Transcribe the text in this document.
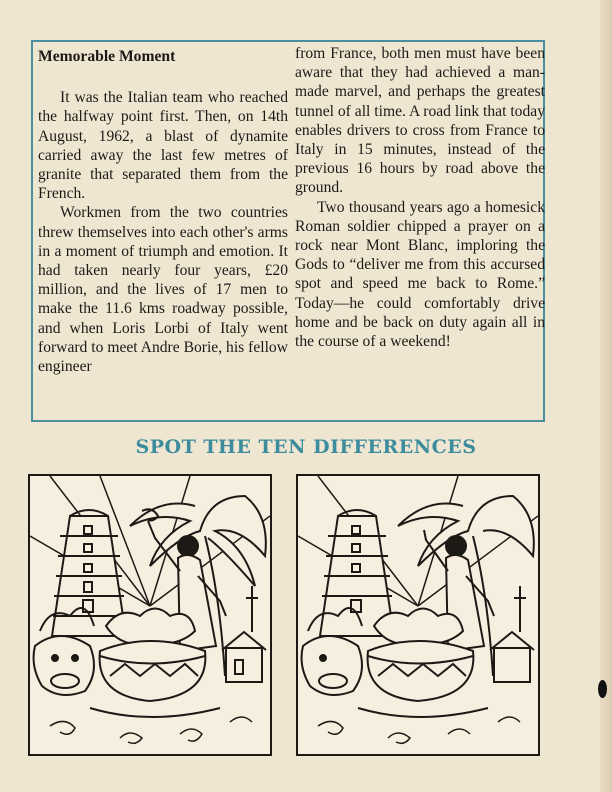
Memorable Moment

It was the Italian team who reached the halfway point first. Then, on 14th August, 1962, a blast of dynamite carried away the last few metres of granite that separated them from the French.

Workmen from the two countries threw themselves into each other's arms in a moment of triumph and emotion. It had taken nearly four years, £20 million, and the lives of 17 men to make the 11.6 kms roadway possible, and when Loris Lorbi of Italy went forward to meet Andre Borie, his fellow engineer

from France, both men must have been aware that they had achieved a man-made marvel, and perhaps the greatest tunnel of all time. A road link that today enables drivers to cross from France to Italy in 15 minutes, instead of the previous 16 hours by road above the ground.

Two thousand years ago a homesick Roman soldier chipped a prayer on a rock near Mont Blanc, imploring the Gods to “deliver me from this accursed spot and speed me back to Rome.” Today—he could comfortably drive home and be back on duty again all in the course of a weekend!

SPOT THE TEN DIFFERENCES
